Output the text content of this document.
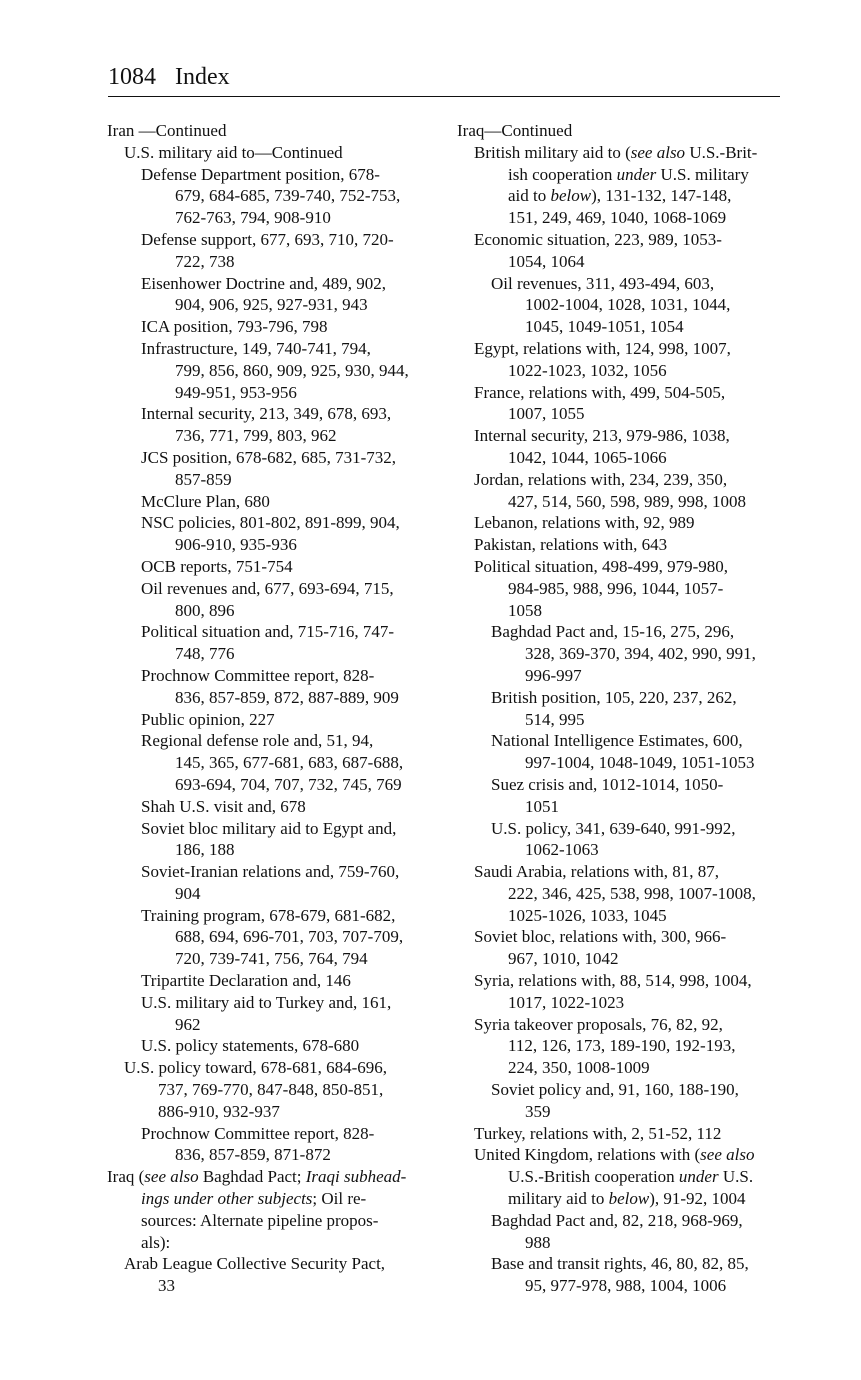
1084 Index
Iran —Continued
U.S. military aid to—Continued
Defense Department position, 678-
679, 684-685, 739-740, 752-753,
762-763, 794, 908-910
Defense support, 677, 693, 710, 720-
722, 738
Eisenhower Doctrine and, 489, 902,
904, 906, 925, 927-931, 943
ICA position, 793-796, 798
Infrastructure, 149, 740-741, 794,
799, 856, 860, 909, 925, 930, 944,
949-951, 953-956
Internal security, 213, 349, 678, 693,
736, 771, 799, 803, 962
JCS position, 678-682, 685, 731-732,
857-859
McClure Plan, 680
NSC policies, 801-802, 891-899, 904,
906-910, 935-936
OCB reports, 751-754
Oil revenues and, 677, 693-694, 715,
800, 896
Political situation and, 715-716, 747-
748, 776
Prochnow Committee report, 828-
836, 857-859, 872, 887-889, 909
Public opinion, 227
Regional defense role and, 51, 94,
145, 365, 677-681, 683, 687-688,
693-694, 704, 707, 732, 745, 769
Shah U.S. visit and, 678
Soviet bloc military aid to Egypt and,
186, 188
Soviet-Iranian relations and, 759-760,
904
Training program, 678-679, 681-682,
688, 694, 696-701, 703, 707-709,
720, 739-741, 756, 764, 794
Tripartite Declaration and, 146
U.S. military aid to Turkey and, 161,
962
U.S. policy statements, 678-680
U.S. policy toward, 678-681, 684-696,
737, 769-770, 847-848, 850-851,
886-910, 932-937
Prochnow Committee report, 828-
836, 857-859, 871-872
Iraq (see also Baghdad Pact; Iraqi subhead-
ings under other subjects; Oil re-
sources: Alternate pipeline propos-
als):
Arab League Collective Security Pact,
33
Iraq—Continued
British military aid to (see also U.S.-Brit-
ish cooperation under U.S. military
aid to below), 131-132, 147-148,
151, 249, 469, 1040, 1068-1069
Economic situation, 223, 989, 1053-
1054, 1064
Oil revenues, 311, 493-494, 603,
1002-1004, 1028, 1031, 1044,
1045, 1049-1051, 1054
Egypt, relations with, 124, 998, 1007,
1022-1023, 1032, 1056
France, relations with, 499, 504-505,
1007, 1055
Internal security, 213, 979-986, 1038,
1042, 1044, 1065-1066
Jordan, relations with, 234, 239, 350,
427, 514, 560, 598, 989, 998, 1008
Lebanon, relations with, 92, 989
Pakistan, relations with, 643
Political situation, 498-499, 979-980,
984-985, 988, 996, 1044, 1057-
1058
Baghdad Pact and, 15-16, 275, 296,
328, 369-370, 394, 402, 990, 991,
996-997
British position, 105, 220, 237, 262,
514, 995
National Intelligence Estimates, 600,
997-1004, 1048-1049, 1051-1053
Suez crisis and, 1012-1014, 1050-
1051
U.S. policy, 341, 639-640, 991-992,
1062-1063
Saudi Arabia, relations with, 81, 87,
222, 346, 425, 538, 998, 1007-1008,
1025-1026, 1033, 1045
Soviet bloc, relations with, 300, 966-
967, 1010, 1042
Syria, relations with, 88, 514, 998, 1004,
1017, 1022-1023
Syria takeover proposals, 76, 82, 92,
112, 126, 173, 189-190, 192-193,
224, 350, 1008-1009
Soviet policy and, 91, 160, 188-190,
359
Turkey, relations with, 2, 51-52, 112
United Kingdom, relations with (see also
U.S.-British cooperation under U.S.
military aid to below), 91-92, 1004
Baghdad Pact and, 82, 218, 968-969,
988
Base and transit rights, 46, 80, 82, 85,
95, 977-978, 988, 1004, 1006
